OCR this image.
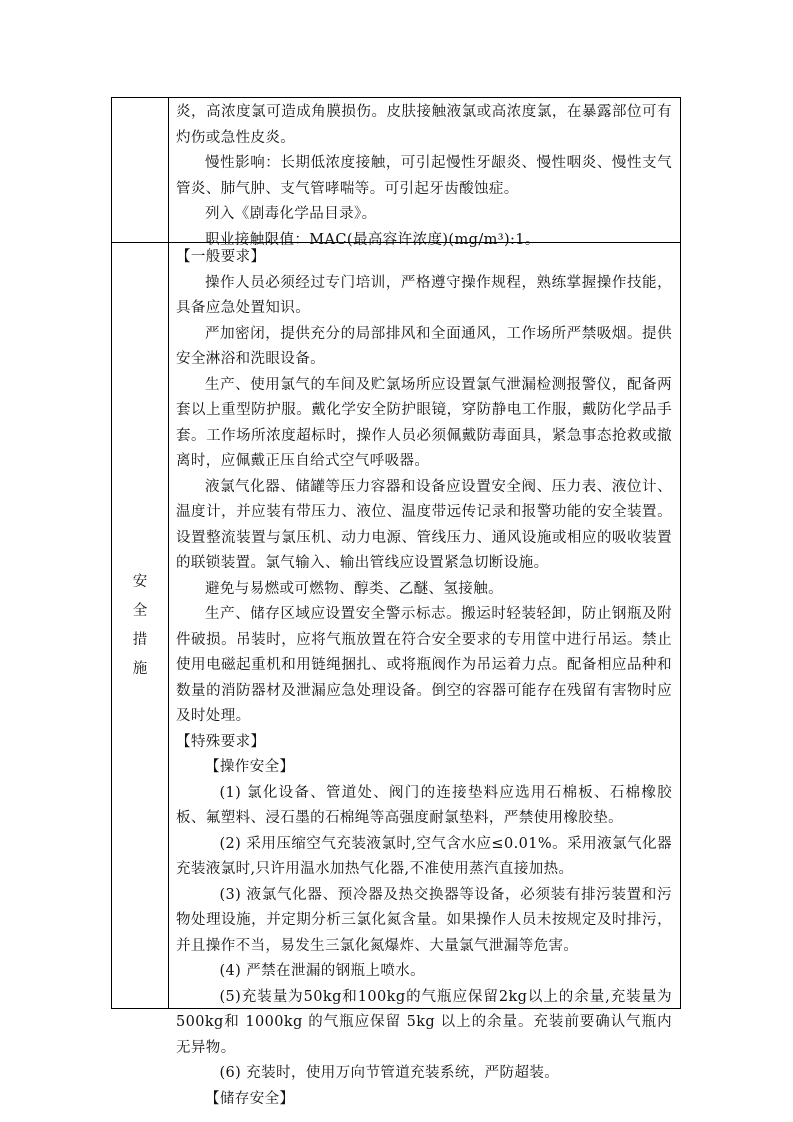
炎，高浓度氯可造成角膜损伤。皮肤接触液氯或高浓度氯，在暴露部位可有灼伤或急性皮炎。

慢性影响：长期低浓度接触，可引起慢性牙龈炎、慢性咽炎、慢性支气管炎、肺气肿、支气管哮喘等。可引起牙齿酸蚀症。

列入《剧毒化学品目录》。

职业接触限值：MAC(最高容许浓度)(mg/m³):1。

安
全
措
施

【一般要求】

操作人员必须经过专门培训，严格遵守操作规程，熟练掌握操作技能，具备应急处置知识。

严加密闭，提供充分的局部排风和全面通风，工作场所严禁吸烟。提供安全淋浴和洗眼设备。

生产、使用氯气的车间及贮氯场所应设置氯气泄漏检测报警仪，配备两套以上重型防护服。戴化学安全防护眼镜，穿防静电工作服，戴防化学品手套。工作场所浓度超标时，操作人员必须佩戴防毒面具，紧急事态抢救或撤离时，应佩戴正压自给式空气呼吸器。

液氯气化器、储罐等压力容器和设备应设置安全阀、压力表、液位计、温度计，并应装有带压力、液位、温度带远传记录和报警功能的安全装置。设置整流装置与氯压机、动力电源、管线压力、通风设施或相应的吸收装置的联锁装置。氯气输入、输出管线应设置紧急切断设施。

避免与易燃或可燃物、醇类、乙醚、氢接触。

生产、储存区域应设置安全警示标志。搬运时轻装轻卸，防止钢瓶及附件破损。吊装时，应将气瓶放置在符合安全要求的专用筐中进行吊运。禁止使用电磁起重机和用链绳捆扎、或将瓶阀作为吊运着力点。配备相应品种和数量的消防器材及泄漏应急处理设备。倒空的容器可能存在残留有害物时应及时处理。

【特殊要求】

【操作安全】

(1) 氯化设备、管道处、阀门的连接垫料应选用石棉板、石棉橡胶板、氟塑料、浸石墨的石棉绳等高强度耐氯垫料，严禁使用橡胶垫。

(2) 采用压缩空气充装液氯时,空气含水应≤0.01%。采用液氯气化器充装液氯时,只许用温水加热气化器,不准使用蒸汽直接加热。

(3) 液氯气化器、预冷器及热交换器等设备，必须装有排污装置和污物处理设施，并定期分析三氯化氮含量。如果操作人员未按规定及时排污，并且操作不当，易发生三氯化氮爆炸、大量氯气泄漏等危害。

(4) 严禁在泄漏的钢瓶上喷水。

(5)充装量为50kg和100kg的气瓶应保留2kg以上的余量,充装量为500kg和 1000kg 的气瓶应保留 5kg 以上的余量。充装前要确认气瓶内无异物。

(6) 充装时，使用万向节管道充装系统，严防超装。

【储存安全】
